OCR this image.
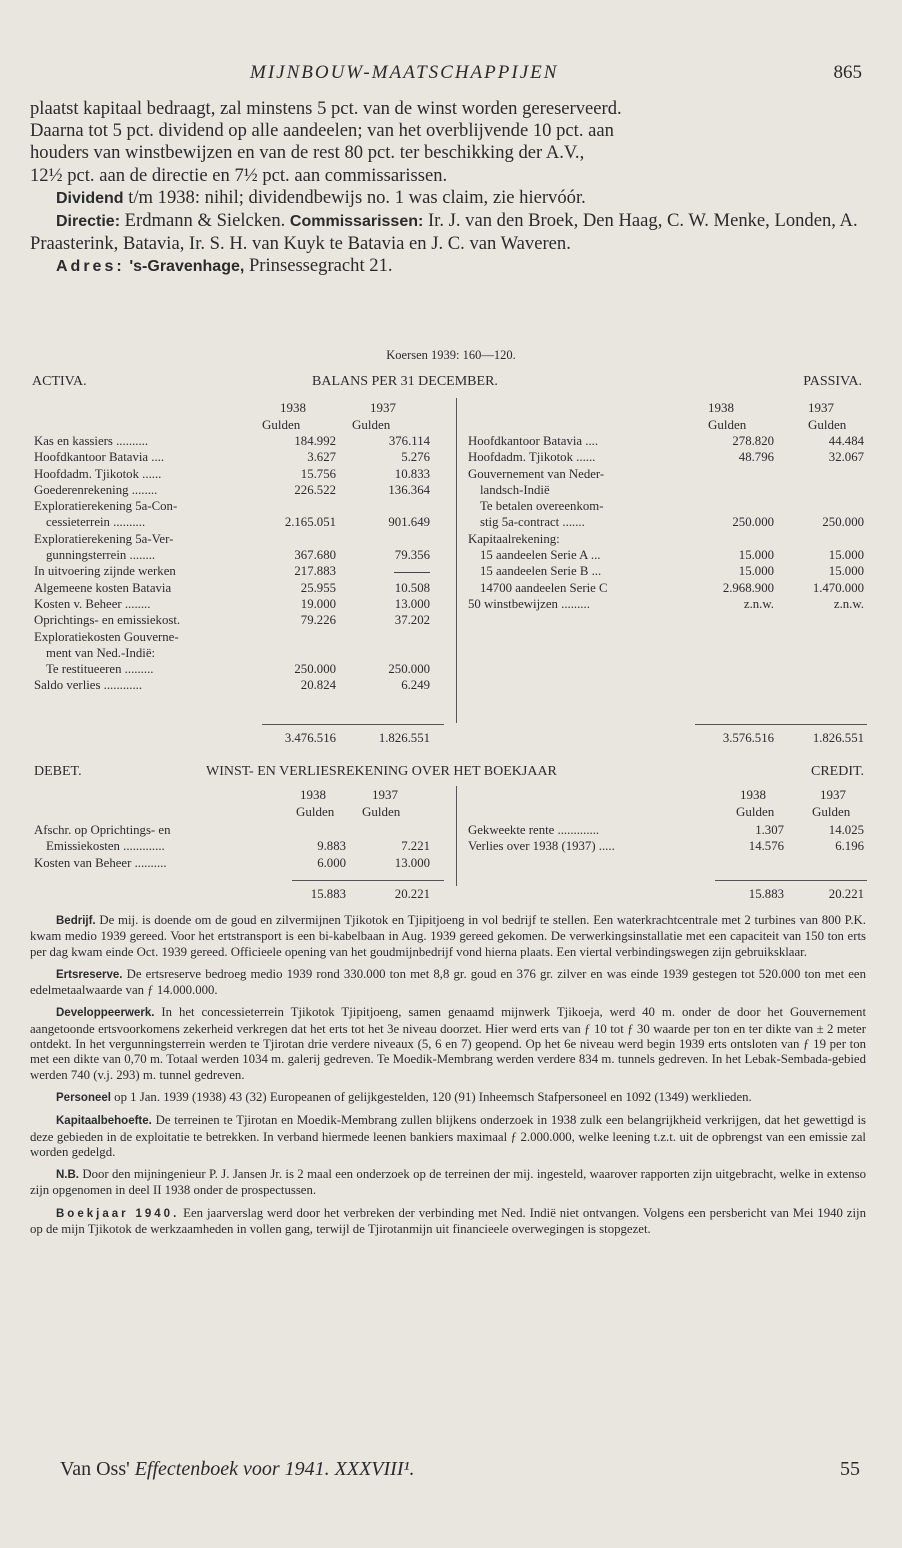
MIJNBOUW-MAATSCHAPPIJEN	865

plaatst kapitaal bedraagt, zal minstens 5 pct. van de winst worden gereserveerd.

Daarna tot 5 pct. dividend op alle aandeelen; van het overblijvende 10 pct. aan

houders van winstbewijzen en van de rest 80 pct. ter beschikking der A.V.,

12½ pct. aan de directie en 7½ pct. aan commissarissen.

Dividend t/m 1938: nihil; dividendbewijs no. 1 was claim, zie hiervóór.

Directie: Erdmann & Sielcken. Commissarissen: Ir. J. van den Broek, Den Haag, C. W. Menke, Londen, A. Praasterink, Batavia, Ir. S. H. van Kuyk te Batavia en J. C. van Waveren.

Adres: 's-Gravenhage, Prinsessegracht 21.

Koersen 1939: 160—120.
ACTIVA.	BALANS PER 31 DECEMBER.	PASSIVA.
1938	1937	1938	1937
Gulden	Gulden	Gulden	Gulden
Kas en kassiers ..........	184.992	376.114
Hoofdkantoor Batavia ....	3.627	5.276
Hoofdadm. Tjikotok ......	15.756	10.833
Goederenrekening ........	226.522	136.364
Exploratierekening 5a-Con-
cessieterrein ..........	2.165.051	901.649
Exploratierekening 5a-Ver-
gunningsterrein ........	367.680	79.356
In uitvoering zijnde werken	217.883
Algemeene kosten Batavia	25.955	10.508
Kosten v. Beheer ........	19.000	13.000
Oprichtings- en emissiekost.	79.226	37.202
Exploratiekosten Gouverne-
ment van Ned.-Indië:
Te restitueeren .........	250.000	250.000
Saldo verlies ............	20.824	6.249
Hoofdkantoor Batavia ....	278.820	44.484
Hoofdadm. Tjikotok ......	48.796	32.067
Gouvernement van Neder-
landsch-Indië
Te betalen overeenkom-
stig 5a-contract .......	250.000	250.000
Kapitaalrekening:
15 aandeelen Serie A ...	15.000	15.000
15 aandeelen Serie B ...	15.000	15.000
14700 aandeelen Serie C	2.968.900	1.470.000
50 winstbewijzen .........	z.n.w.	z.n.w.
3.476.516	1.826.551	3.576.516	1.826.551
DEBET.	WINST- EN VERLIESREKENING OVER HET BOEKJAAR	CREDIT.
1938	1937	1938	1937
Gulden Gulden	Gulden	Gulden
Afschr. op Oprichtings- en
Emissiekosten .............	9.883	7.221
Kosten van Beheer ..........	6.000	13.000
Gekweekte rente .............	1.307	14.025
Verlies over 1938 (1937) .....	14.576	6.196
15.883	20.221	15.883	20.221

Bedrijf. De mij. is doende om de goud en zilvermijnen Tjikotok en Tjipitjoeng in vol bedrijf te stellen. Een waterkrachtcentrale met 2 turbines van 800 P.K. kwam medio 1939 gereed. Voor het ertstransport is een bi-kabelbaan in Aug. 1939 gereed gekomen. De verwerkingsinstallatie met een capaciteit van 150 ton erts per dag kwam einde Oct. 1939 gereed. Officieele opening van het goudmijnbedrijf vond hierna plaats. Een viertal verbindingswegen zijn gebruiksklaar.

Ertsreserve. De ertsreserve bedroeg medio 1939 rond 330.000 ton met 8,8 gr. goud en 376 gr. zilver en was einde 1939 gestegen tot 520.000 ton met een edelmetaalwaarde van ƒ 14.000.000.

Developpeerwerk. In het concessieterrein Tjikotok Tjipitjoeng, samen genaamd mijnwerk Tjikoeja, werd 40 m. onder de door het Gouvernement aangetoonde ertsvoorkomens zekerheid verkregen dat het erts tot het 3e niveau doorzet. Hier werd erts van ƒ 10 tot ƒ 30 waarde per ton en ter dikte van ± 2 meter ontdekt. In het vergunningsterrein werden te Tjirotan drie verdere niveaux (5, 6 en 7) geopend. Op het 6e niveau werd begin 1939 erts ontsloten van ƒ 19 per ton met een dikte van 0,70 m. Totaal werden 1034 m. galerij gedreven. Te Moedik-Membrang werden verdere 834 m. tunnels gedreven. In het Lebak-Sembada-gebied werden 740 (v.j. 293) m. tunnel gedreven.

Personeel op 1 Jan. 1939 (1938) 43 (32) Europeanen of gelijkgestelden, 120 (91) Inheemsch Stafpersoneel en 1092 (1349) werklieden.

Kapitaalbehoefte. De terreinen te Tjirotan en Moedik-Membrang zullen blijkens onderzoek in 1938 zulk een belangrijkheid verkrijgen, dat het gewettigd is deze gebieden in de exploitatie te betrekken. In verband hiermede leenen bankiers maximaal ƒ 2.000.000, welke leening t.z.t. uit de opbrengst van een emissie zal worden gedelgd.

N.B. Door den mijningenieur P. J. Jansen Jr. is 2 maal een onderzoek op de terreinen der mij. ingesteld, waarover rapporten zijn uitgebracht, welke in extenso zijn opgenomen in deel II 1938 onder de prospectussen.

Boekjaar 1940. Een jaarverslag werd door het verbreken der verbinding met Ned. Indië niet ontvangen. Volgens een persbericht van Mei 1940 zijn op de mijn Tjikotok de werkzaamheden in vollen gang, terwijl de Tjirotanmijn uit financieele overwegingen is stopgezet.

Van Oss' Effectenboek voor 1941. XXXVIII¹.	55
